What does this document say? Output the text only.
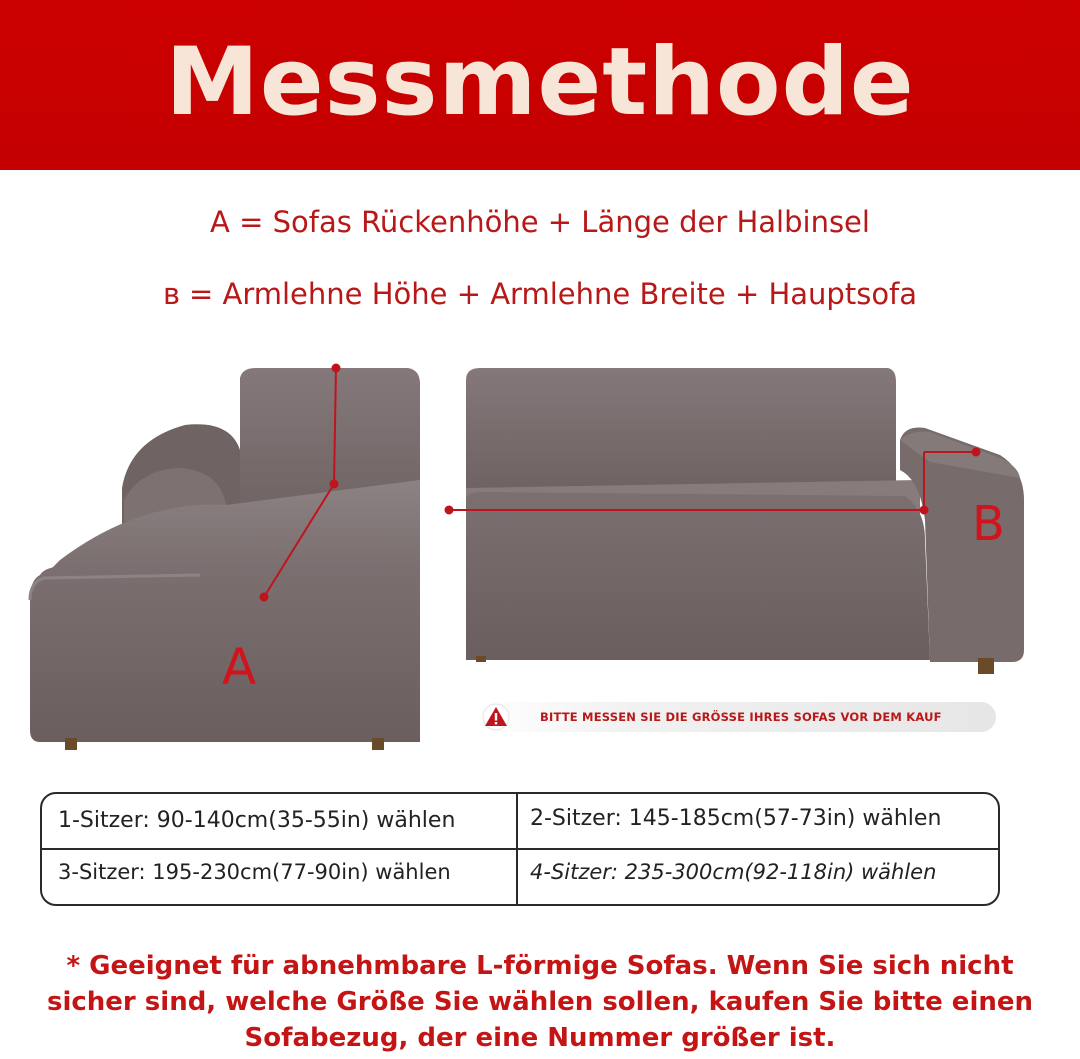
Messmethode
A = Sofas Rückenhöhe + Länge der Halbinsel
ʙ = Armlehne Höhe + Armlehne Breite + Hauptsofa
A
B
BITTE MESSEN SIE DIE GRÖSSE IHRES SOFAS VOR DEM KAUF
1-Sitzer: 90-140cm(35-55in) wählen	2-Sitzer: 145-185cm(57-73in) wählen
3-Sitzer: 195-230cm(77-90in) wählen	4-Sitzer: 235-300cm(92-118in) wählen
* Geeignet für abnehmbare L-förmige Sofas. Wenn Sie sich nicht
sicher sind, welche Größe Sie wählen sollen, kaufen Sie bitte einen
Sofabezug, der eine Nummer größer ist.
